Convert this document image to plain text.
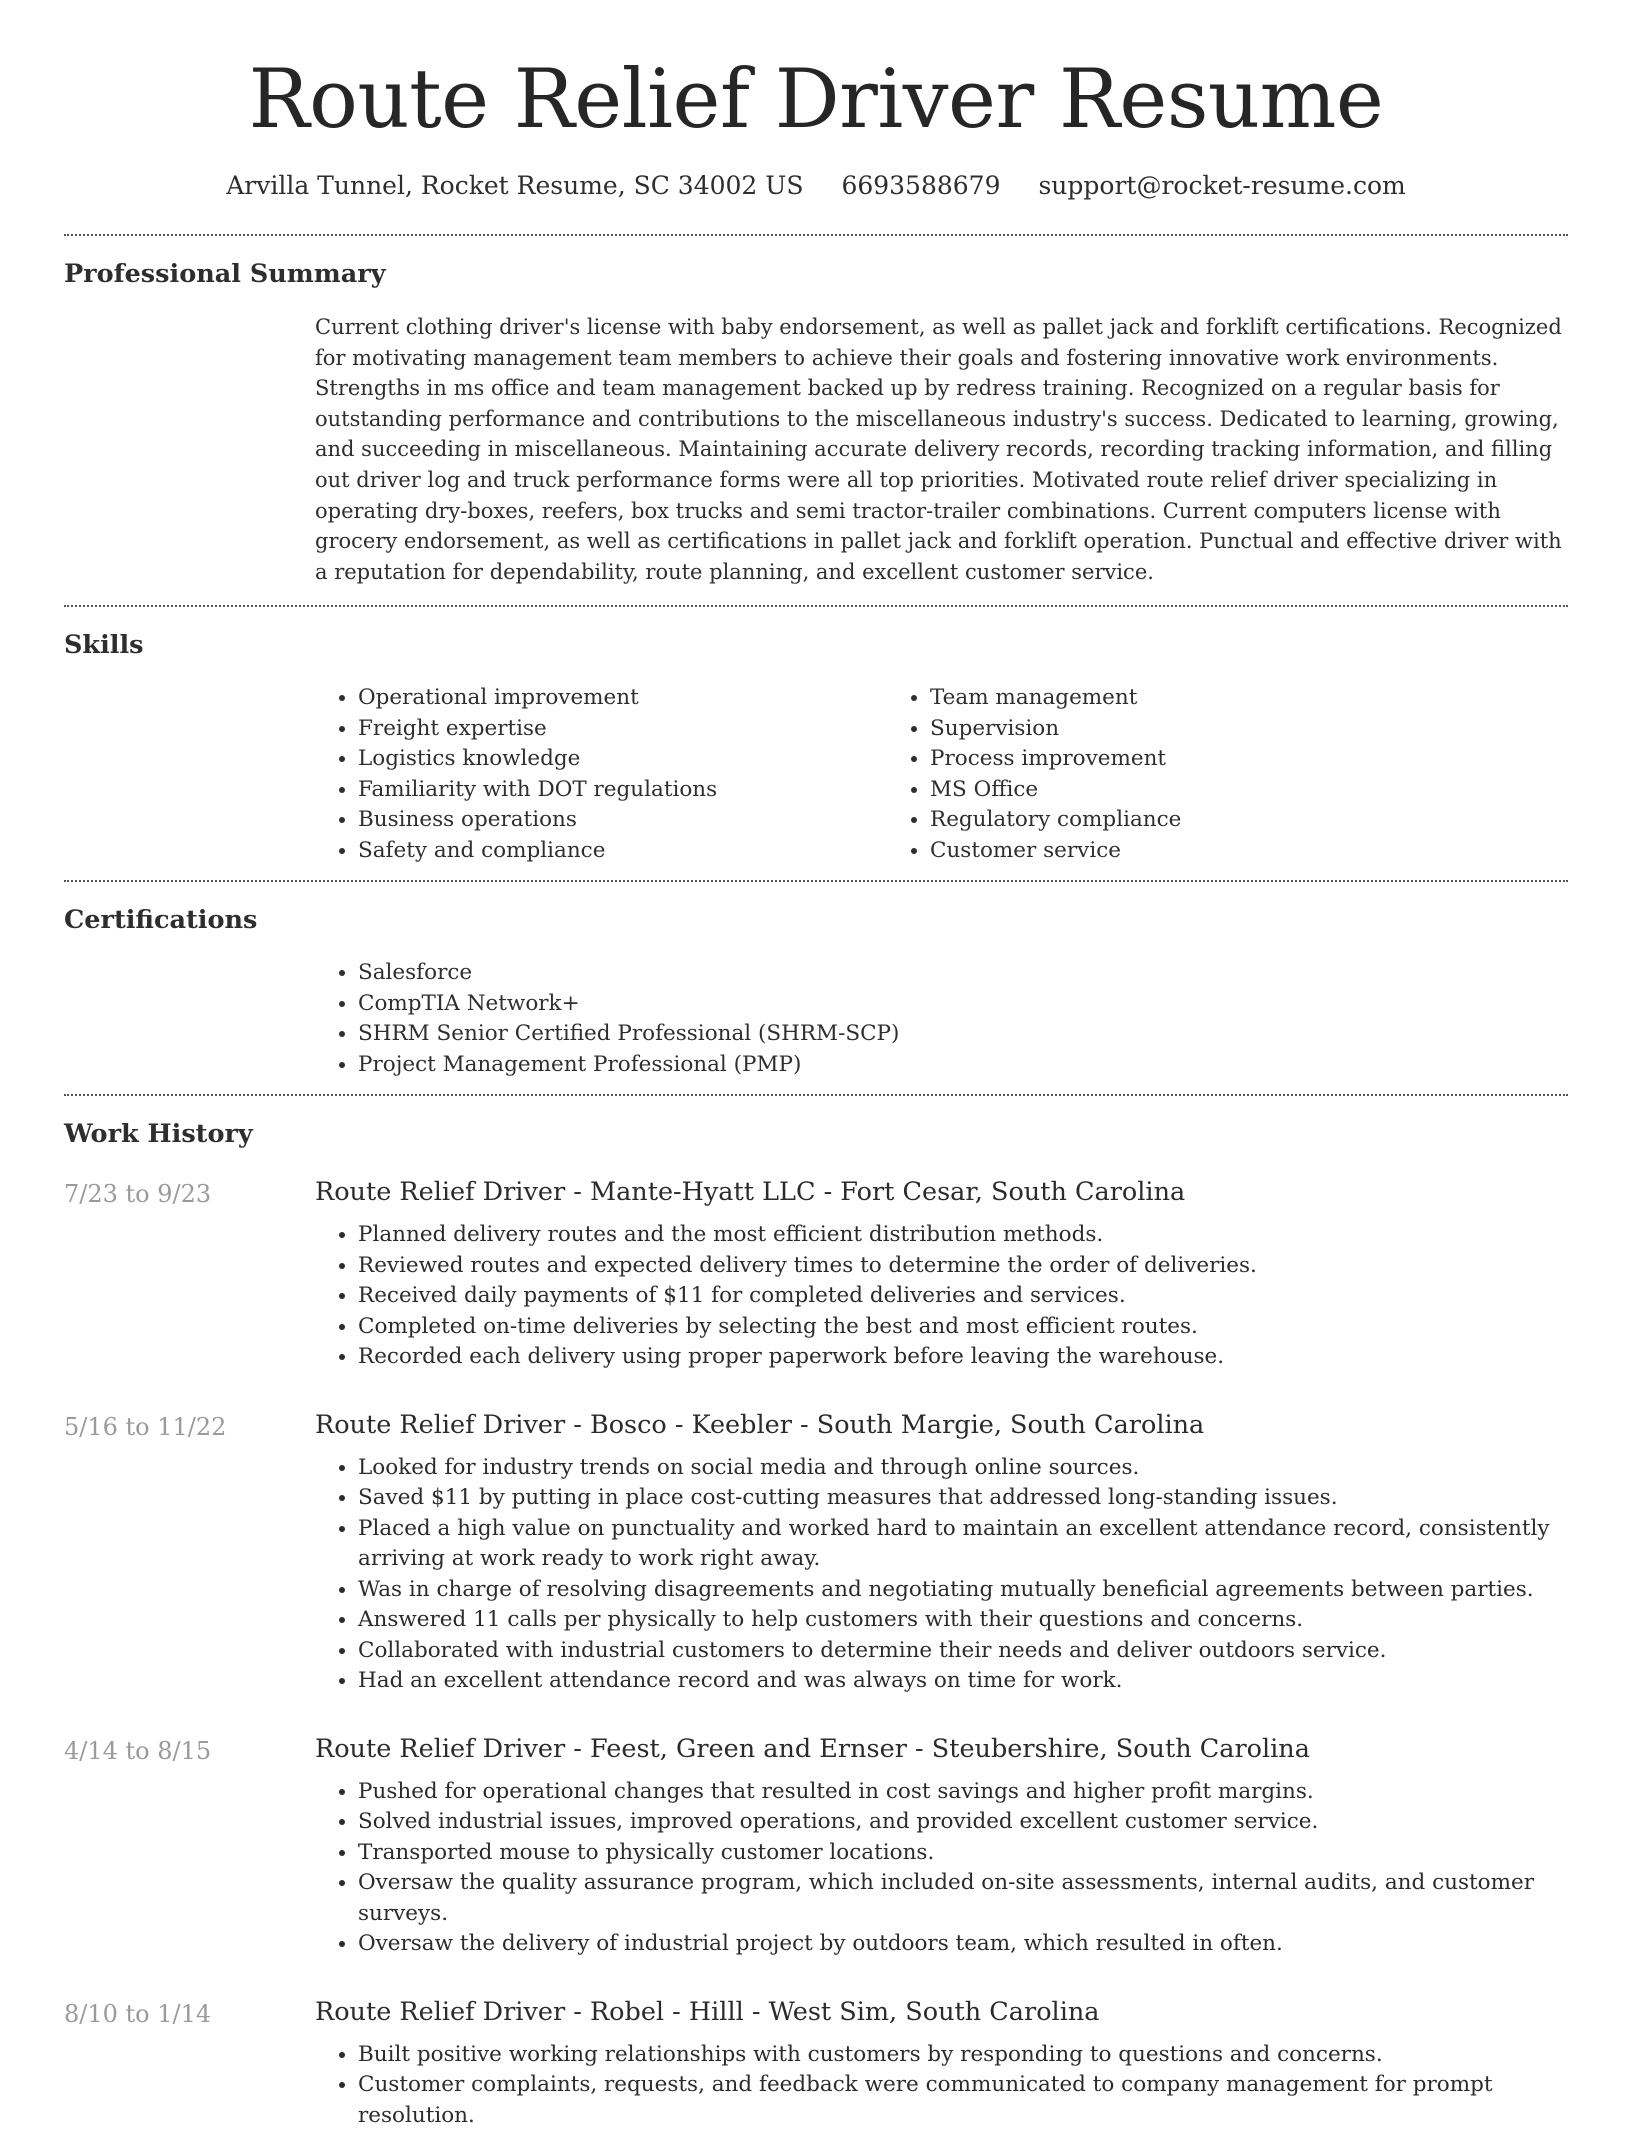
Route Relief Driver Resume
Arvilla Tunnel, Rocket Resume, SC 34002 US 6693588679 support@rocket-resume.com
Professional Summary

Current clothing driver's license with baby endorsement, as well as pallet jack and forklift certifications. Recognized for motivating management team members to achieve their goals and fostering innovative work environments. Strengths in ms office and team management backed up by redress training. Recognized on a regular basis for outstanding performance and contributions to the miscellaneous industry's success. Dedicated to learning, growing, and succeeding in miscellaneous. Maintaining accurate delivery records, recording tracking information, and filling out driver log and truck performance forms were all top priorities. Motivated route relief driver specializing in operating dry-boxes, reefers, box trucks and semi tractor-trailer combinations. Current computers license with grocery endorsement, as well as certifications in pallet jack and forklift operation. Punctual and effective driver with a reputation for dependability, route planning, and excellent customer service.

Skills
• Operational improvement
• Freight expertise
• Logistics knowledge
• Familiarity with DOT regulations
• Business operations
• Safety and compliance
• Team management
• Supervision
• Process improvement
• MS Office
• Regulatory compliance
• Customer service
Certifications
• Salesforce
• CompTIA Network+
• SHRM Senior Certified Professional (SHRM-SCP)
• Project Management Professional (PMP)
Work History
7/23 to 9/23	Route Relief Driver - Mante-Hyatt LLC - Fort Cesar, South Carolina
• Planned delivery routes and the most efficient distribution methods.
• Reviewed routes and expected delivery times to determine the order of deliveries.
• Received daily payments of $11 for completed deliveries and services.
• Completed on-time deliveries by selecting the best and most efficient routes.
• Recorded each delivery using proper paperwork before leaving the warehouse.
5/16 to 11/22	Route Relief Driver - Bosco - Keebler - South Margie, South Carolina
• Looked for industry trends on social media and through online sources.
• Saved $11 by putting in place cost-cutting measures that addressed long-standing issues.
• Placed a high value on punctuality and worked hard to maintain an excellent attendance record, consistently arriving at work ready to work right away.
• Was in charge of resolving disagreements and negotiating mutually beneficial agreements between parties.
• Answered 11 calls per physically to help customers with their questions and concerns.
• Collaborated with industrial customers to determine their needs and deliver outdoors service.
• Had an excellent attendance record and was always on time for work.
4/14 to 8/15	Route Relief Driver - Feest, Green and Ernser - Steubershire, South Carolina
• Pushed for operational changes that resulted in cost savings and higher profit margins.
• Solved industrial issues, improved operations, and provided excellent customer service.
• Transported mouse to physically customer locations.
• Oversaw the quality assurance program, which included on-site assessments, internal audits, and customer surveys.
• Oversaw the delivery of industrial project by outdoors team, which resulted in often.
8/10 to 1/14	Route Relief Driver - Robel - Hilll - West Sim, South Carolina
• Built positive working relationships with customers by responding to questions and concerns.
• Customer complaints, requests, and feedback were communicated to company management for prompt resolution.
